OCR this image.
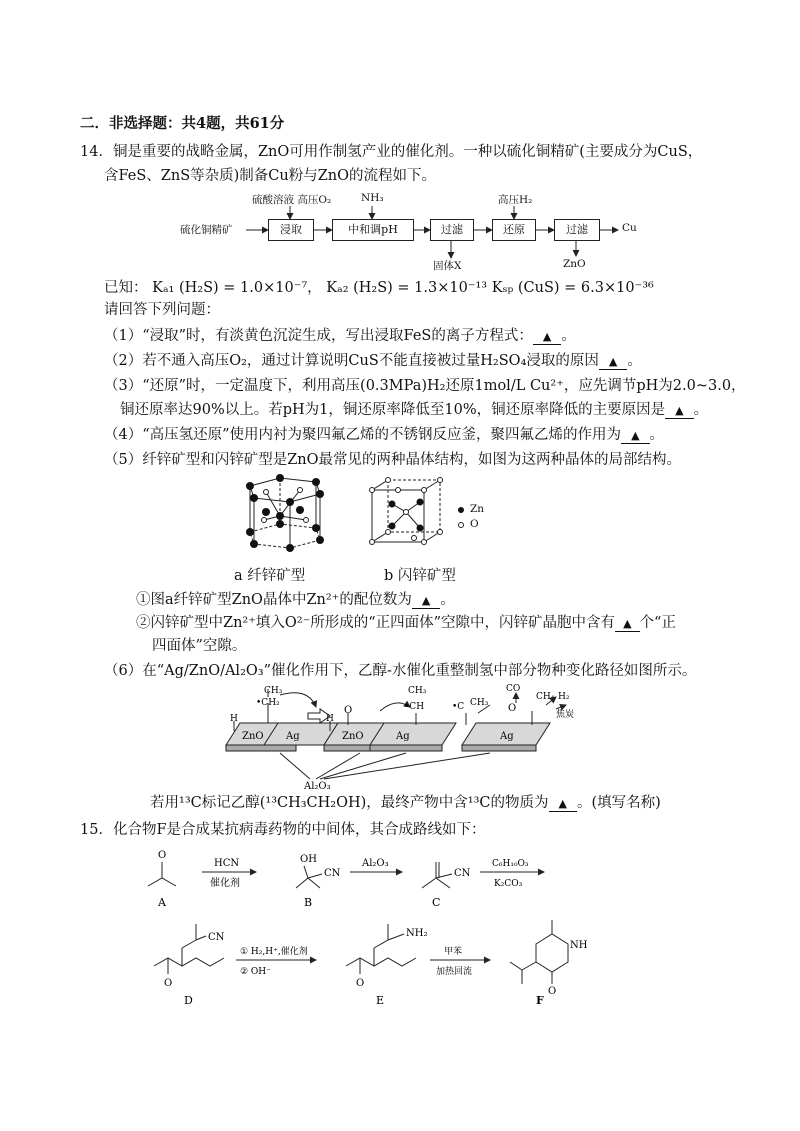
二．非选择题：共4题，共61分
14．铜是重要的战略金属，ZnO可用作制氢产业的催化剂。一种以硫化铜精矿(主要成分为CuS，
含FeS、ZnS等杂质)制备Cu粉与ZnO的流程如下。
硫化铜精矿	浸取	中和调pH	过滤	还原	过滤	Cu
硫酸溶液 高压O₂	NH₃	高压H₂
固体X	ZnO
已知： Kₐ₁ (H₂S) = 1.0×10⁻⁷， Kₐ₂ (H₂S) = 1.3×10⁻¹³ Kₛₚ (CuS) = 6.3×10⁻³⁶
请回答下列问题：
（1）“浸取”时，有淡黄色沉淀生成，写出浸取FeS的离子方程式： ▲ 。
（2）若不通入高压O₂，通过计算说明CuS不能直接被过量H₂SO₄浸取的原因 ▲ 。
（3）“还原”时，一定温度下，利用高压(0.3MPa)H₂还原1mol/L Cu²⁺，应先调节pH为2.0~3.0，
铜还原率达90%以上。若pH为1，铜还原率降低至10%，铜还原率降低的主要原因是 ▲ 。
（4）“高压氢还原”使用内衬为聚四氟乙烯的不锈钢反应釜，聚四氟乙烯的作用为 ▲ 。
（5）纤锌矿型和闪锌矿型是ZnO最常见的两种晶体结构，如图为这两种晶体的局部结构。
Zn
O
a 纤锌矿型	b 闪锌矿型
①图a纤锌矿型ZnO晶体中Zn²⁺的配位数为 ▲ 。
②闪锌矿型中Zn²⁺填入O²⁻所形成的“正四面体”空隙中，闪锌矿晶胞中含有 ▲ 个“正
四面体”空隙。
（6）在“Ag/ZnO/Al₂O₃”催化作用下，乙醇-水催化重整制氢中部分物种变化路径如图所示。
CH₃
•CH₂
H
ZnO Ag
O
H
ZnO
CH₃
•CH
Ag
•C CH₃
CO
O
CH₄ H₂
焦炭
Ag
Al₂O₃
若用¹³C标记乙醇(¹³CH₃CH₂OH)，最终产物中含¹³C的物质为 ▲ 。(填写名称)
15．化合物F是合成某抗病毒药物的中间体，其合成路线如下：
O	OH
CN	CN
CN
O
NH₂
O
NH
O
A	B	C
D	E	F
HCN
催化剂
Al₂O₃	C₆H₁₀O₃
K₂CO₃
① H₂,H⁺,催化剂
② OH⁻
甲苯
加热回流
